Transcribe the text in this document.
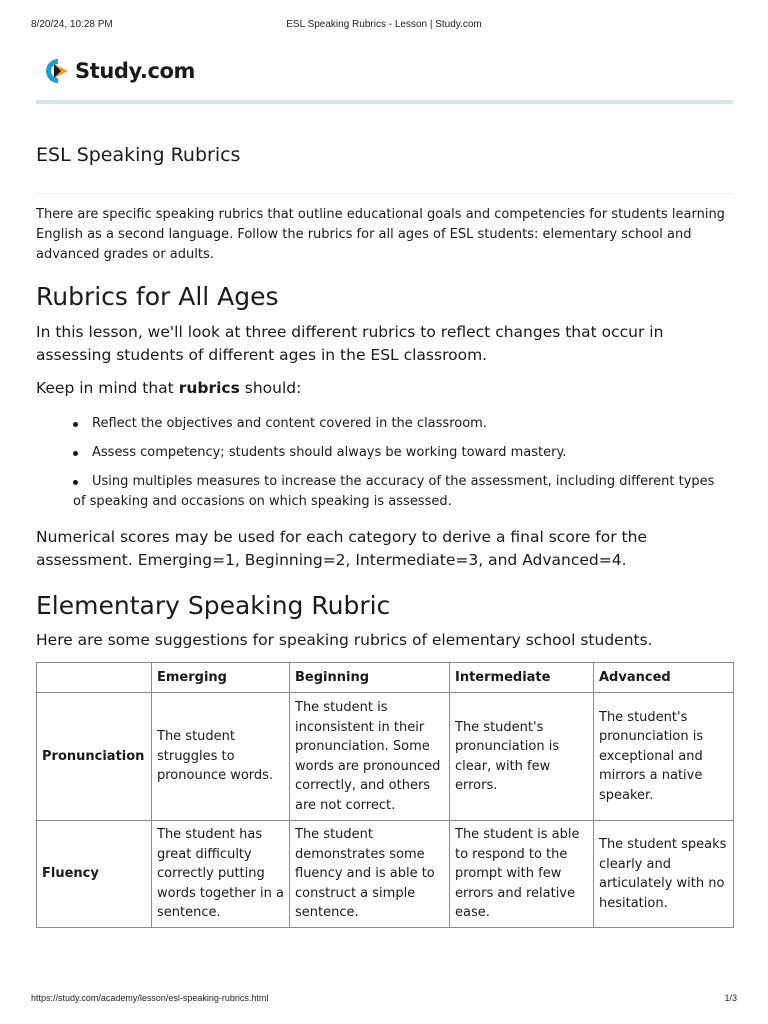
8/20/24, 10:28 PM	ESL Speaking Rubrics - Lesson | Study.com
Study.com
ESL Speaking Rubrics

There are specific speaking rubrics that outline educational goals and competencies for students learning English as a second language. Follow the rubrics for all ages of ESL students: elementary school and advanced grades or adults.

Rubrics for All Ages

In this lesson, we'll look at three different rubrics to reflect changes that occur in assessing students of different ages in the ESL classroom.

Keep in mind that rubrics should:

Reflect the objectives and content covered in the classroom.
Assess competency; students should always be working toward mastery.
Using multiples measures to increase the accuracy of the assessment, including different types of speaking and occasions on which speaking is assessed.

Numerical scores may be used for each category to derive a final score for the assessment. Emerging=1, Beginning=2, Intermediate=3, and Advanced=4.

Elementary Speaking Rubric

Here are some suggestions for speaking rubrics of elementary school students.

	Emerging	Beginning	Intermediate	Advanced
Pronunciation	The student struggles to pronounce words.	The student is inconsistent in their pronunciation. Some words are pronounced correctly, and others are not correct.	The student's pronunciation is clear, with few errors.	The student's pronunciation is exceptional and mirrors a native speaker.
Fluency	The student has great difficulty correctly putting words together in a sentence.	The student demonstrates some fluency and is able to construct a simple sentence.	The student is able to respond to the prompt with few errors and relative ease.	The student speaks clearly and articulately with no hesitation.
https://study.com/academy/lesson/esl-speaking-rubrics.html	1/3
